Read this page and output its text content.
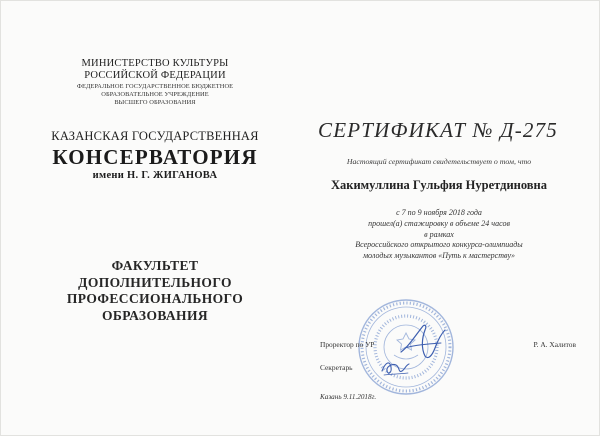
МИНИСТЕРСТВО КУЛЬТУРЫ
РОССИЙСКОЙ ФЕДЕРАЦИИ
ФЕДЕРАЛЬНОЕ ГОСУДАРСТВЕННОЕ БЮДЖЕТНОЕ
ОБРАЗОВАТЕЛЬНОЕ УЧРЕЖДЕНИЕ
ВЫСШЕГО ОБРАЗОВАНИЯ
КАЗАНСКАЯ ГОСУДАРСТВЕННАЯ
КОНСЕРВАТОРИЯ
имени Н. Г. ЖИГАНОВА
ФАКУЛЬТЕТ
ДОПОЛНИТЕЛЬНОГО
ПРОФЕССИОНАЛЬНОГО
ОБРАЗОВАНИЯ
СЕРТИФИКАТ № Д-275
Настоящий сертификат свидетельствует о том, что
Хакимуллина Гульфия Нуретдиновна
с 7 по 9 ноября 2018 года
прошел(а) стажировку в объеме 24 часов
в рамках
Всероссийского открытого конкурса-олимпиады
молодых музыкантов «Путь к мастерству»
Проректор по УР	Р. А. Халитов
Секретарь
Казань 9.11.2018г.
